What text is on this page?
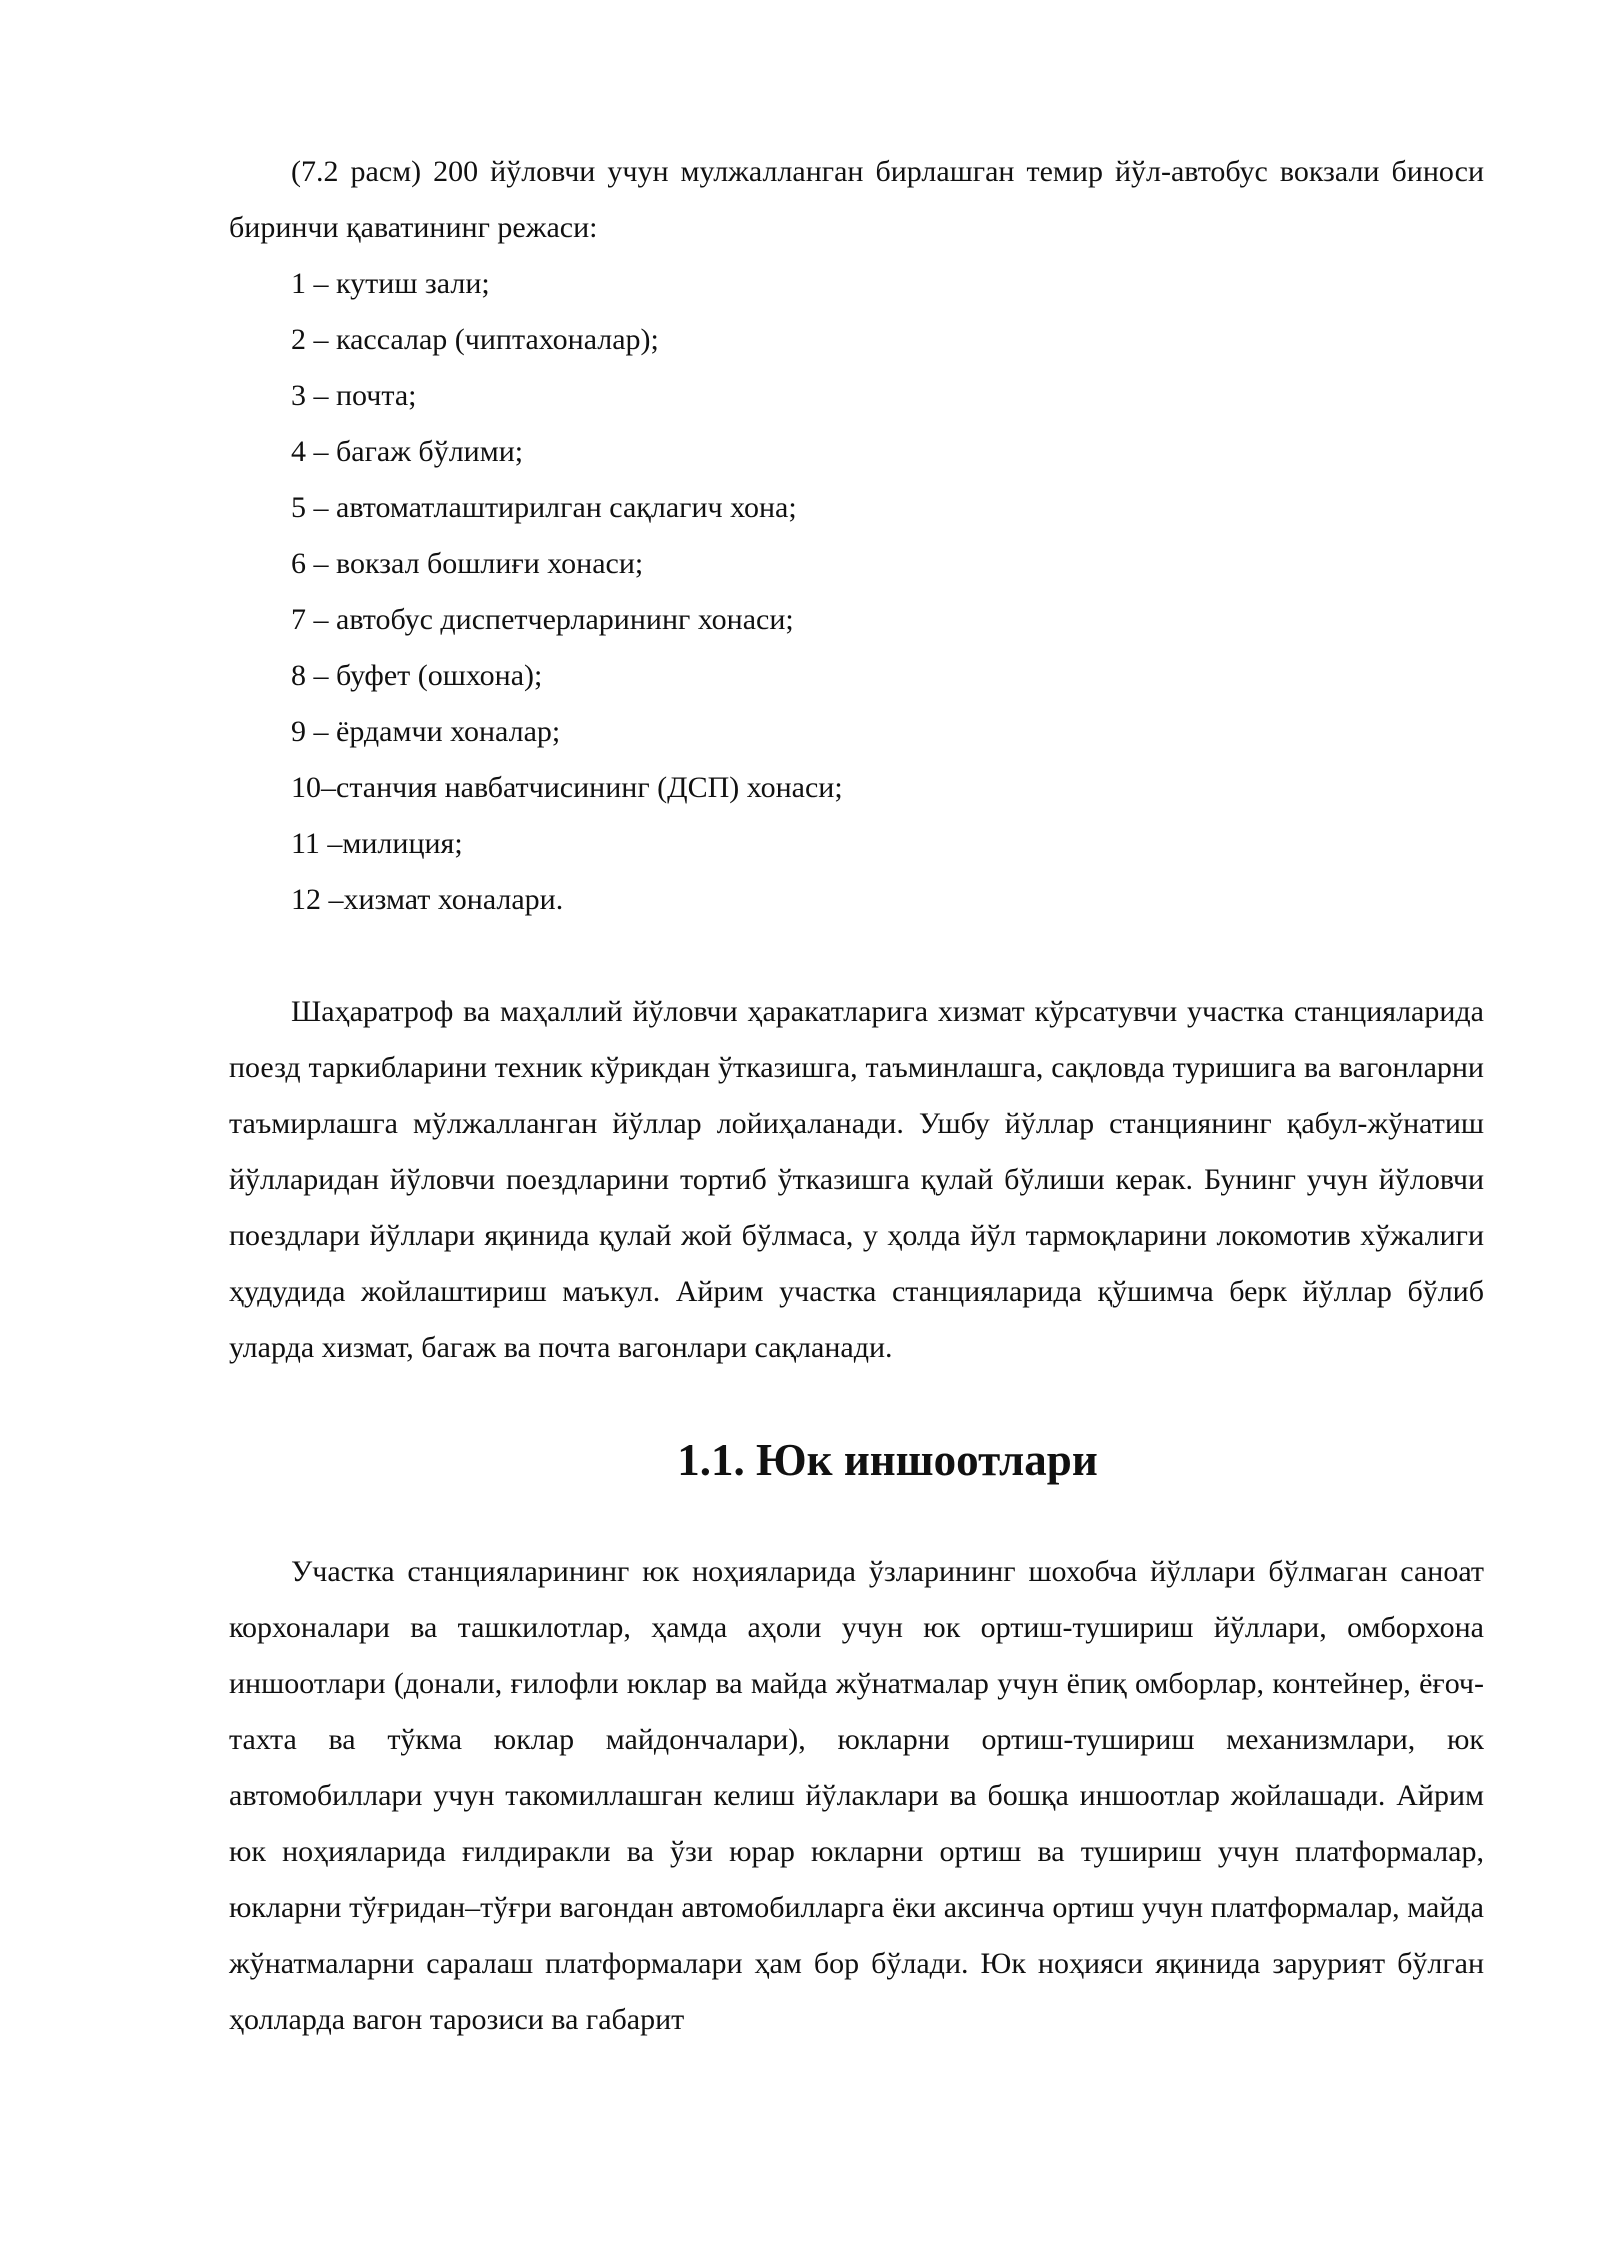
(7.2 расм) 200 йўловчи учун мулжалланган бирлашган темир йўл-автобус вокзали биноси биринчи қаватининг режаси:

1 – кутиш зали;
2 – кассалар (чиптахоналар);
3 – почта;
4 – багаж бўлими;
5 – автоматлаштирилган сақлагич хона;
6 – вокзал бошлиғи хонаси;
7 – автобус диспетчерларининг хонаси;
8 – буфет (ошхона);
9 – ёрдамчи хоналар;
10–станчия навбатчисининг (ДСП) хонаси;
11 –милиция;
12 –хизмат хоналари.

Шаҳаратроф ва маҳаллий йўловчи ҳаракатларига хизмат кўрсатувчи участка станцияларида поезд таркибларини техник кўрикдан ўтказишга, таъминлашга, сақловда туришига ва вагонларни таъмирлашга мўлжалланган йўллар лойиҳаланади. Ушбу йўллар станциянинг қабул-жўнатиш йўлларидан йўловчи поездларини тортиб ўтказишга қулай бўлиши керак. Бунинг учун йўловчи поездлари йўллари яқинида қулай жой бўлмаса, у ҳолда йўл тармоқларини локомотив хўжалиги ҳудудида жойлаштириш маъкул. Айрим участка станцияларида қўшимча берк йўллар бўлиб уларда хизмат, багаж ва почта вагонлари сақланади.

1.1. Юк иншоотлари

Участка станцияларининг юк ноҳияларида ўзларининг шохобча йўллари бўлмаган саноат корхоналари ва ташкилотлар, ҳамда аҳоли учун юк ортиш-тушириш йўллари, омборхона иншоотлари (донали, ғилофли юклар ва майда жўнатмалар учун ёпиқ омборлар, контейнер, ёғоч- тахта ва тўкма юклар майдончалари), юкларни ортиш-тушириш механизмлари, юк автомобиллари учун такомиллашган келиш йўлаклари ва бошқа иншоотлар жойлашади. Айрим юк ноҳияларида ғилдиракли ва ўзи юрар юкларни ортиш ва тушириш учун платформалар, юкларни тўғридан–тўғри вагондан автомобилларга ёки аксинча ортиш учун платформалар, майда жўнатмаларни саралаш платформалари ҳам бор бўлади. Юк ноҳияси яқинида зарурият бўлган ҳолларда вагон тарозиси ва габарит
